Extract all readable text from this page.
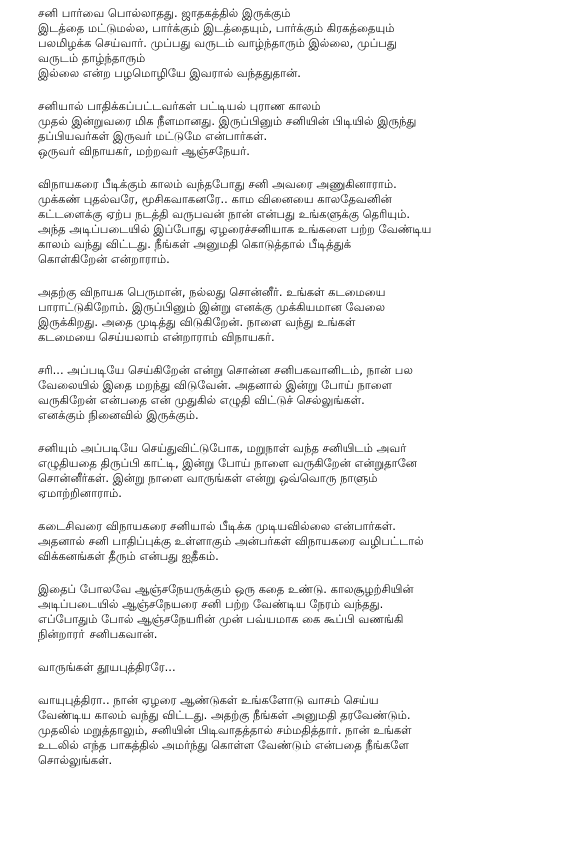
சனி பார்வை பொல்லாதது. ஜாதகத்தில் இருக்கும்
இடத்தை மட்டுமல்ல, பார்க்கும் இடத்தையும், பார்க்கும் கிரகத்தையும்
பலமிழக்க செய்வார். முப்பது வருடம் வாழ்ந்தாரும் இல்லை, முப்பது
வருடம் தாழ்ந்தாரும்
இல்லை என்ற பழமொழியே இவரால் வந்ததுதான்.
சனியால் பாதிக்கப்பட்டவர்கள் பட்டியல் புராண காலம்
முதல் இன்றுவரை மிக நீளமானது. இருப்பினும் சனியின் பிடியில் இருந்து
தப்பியவர்கள் இருவர் மட்டுமே என்பார்கள்.
ஒருவர் விநாயகர், மற்றவர் ஆஞ்சநேயர்.
விநாயகரை பீடிக்கும் காலம் வந்தபோது சனி அவரை அணுகினாராம்.
முக்கண் புதல்வரே, மூசிகவாகனரே.. காம வினையை காலதேவனின்
கட்டளைக்கு ஏற்ப நடத்தி வருபவன் நான் என்பது உங்களுக்கு தெரியும்.
அந்த அடிப்படையில் இப்போது ஏழரைச்சனியாக உங்களை பற்ற வேண்டிய
காலம் வந்து விட்டது. நீங்கள் அனுமதி கொடுத்தால் பீடித்துக்
கொள்கிறேன் என்றாராம்.
அதற்கு விநாயக பெருமான், நல்லது சொன்னீர். உங்கள் கடமையை
பாராட்டுகிறோம். இருப்பினும் இன்று எனக்கு முக்கியமான வேலை
இருக்கிறது. அதை முடித்து விடுகிறேன். நாளை வந்து உங்கள்
கடமையை செய்யலாம் என்றாராம் விநாயகர்.
சரி... அப்படியே செய்கிறேன் என்று சொன்ன சனிபகவானிடம், நான் பல
வேலையில் இதை மறந்து விடுவேன். அதனால் இன்று போய் நாளை
வருகிறேன் என்பதை என் முதுகில் எழுதி விட்டுச் செல்லுங்கள்.
எனக்கும் நினைவில் இருக்கும்.
சனியும் அப்படியே செய்துவிட்டுபோக, மறுநாள் வந்த சனியிடம் அவர்
எழுதியதை திருப்பி காட்டி, இன்று போய் நாளை வருகிறேன் என்றுதானே
சொன்னீர்கள். இன்று நாளை வாருங்கள் என்று ஒவ்வொரு நாளும்
ஏமாற்றினாராம்.
கடைசிவரை விநாயகரை சனியால் பீடிக்க முடியவில்லை என்பார்கள்.
அதனால் சனி பாதிப்புக்கு உள்ளாகும் அன்பர்கள் விநாயகரை வழிபட்டால்
விக்கனங்கள் தீரும் என்பது ஐதீகம்.
இதைப் போலவே ஆஞ்சநேயருக்கும் ஒரு கதை உண்டு. காலசூழற்சியின்
அடிப்படையில் ஆஞ்சநேயரை சனி பற்ற வேண்டிய நேரம் வந்தது.
எப்போதும் போல் ஆஞ்சநேயரின் முன் பவ்யமாக கை கூப்பி வணங்கி
நின்றாரா் சனிபகவான்.
வாருங்கள் தூயபுத்திரரே...
வாயுபுத்திரா.. நான் ஏழரை ஆண்டுகள் உங்களோடு வாசம் செய்ய
வேண்டிய காலம் வந்து விட்டது. அதற்கு நீங்கள் அனுமதி தரவேண்டும்.
முதலில் மறுத்தாலும், சனியின் பிடிவாதத்தால் சம்மதித்தார். நான் உங்கள்
உடலில் எந்த பாகத்தில் அமர்ந்து கொள்ள வேண்டும் என்பதை நீங்களே
சொல்லுங்கள்.
